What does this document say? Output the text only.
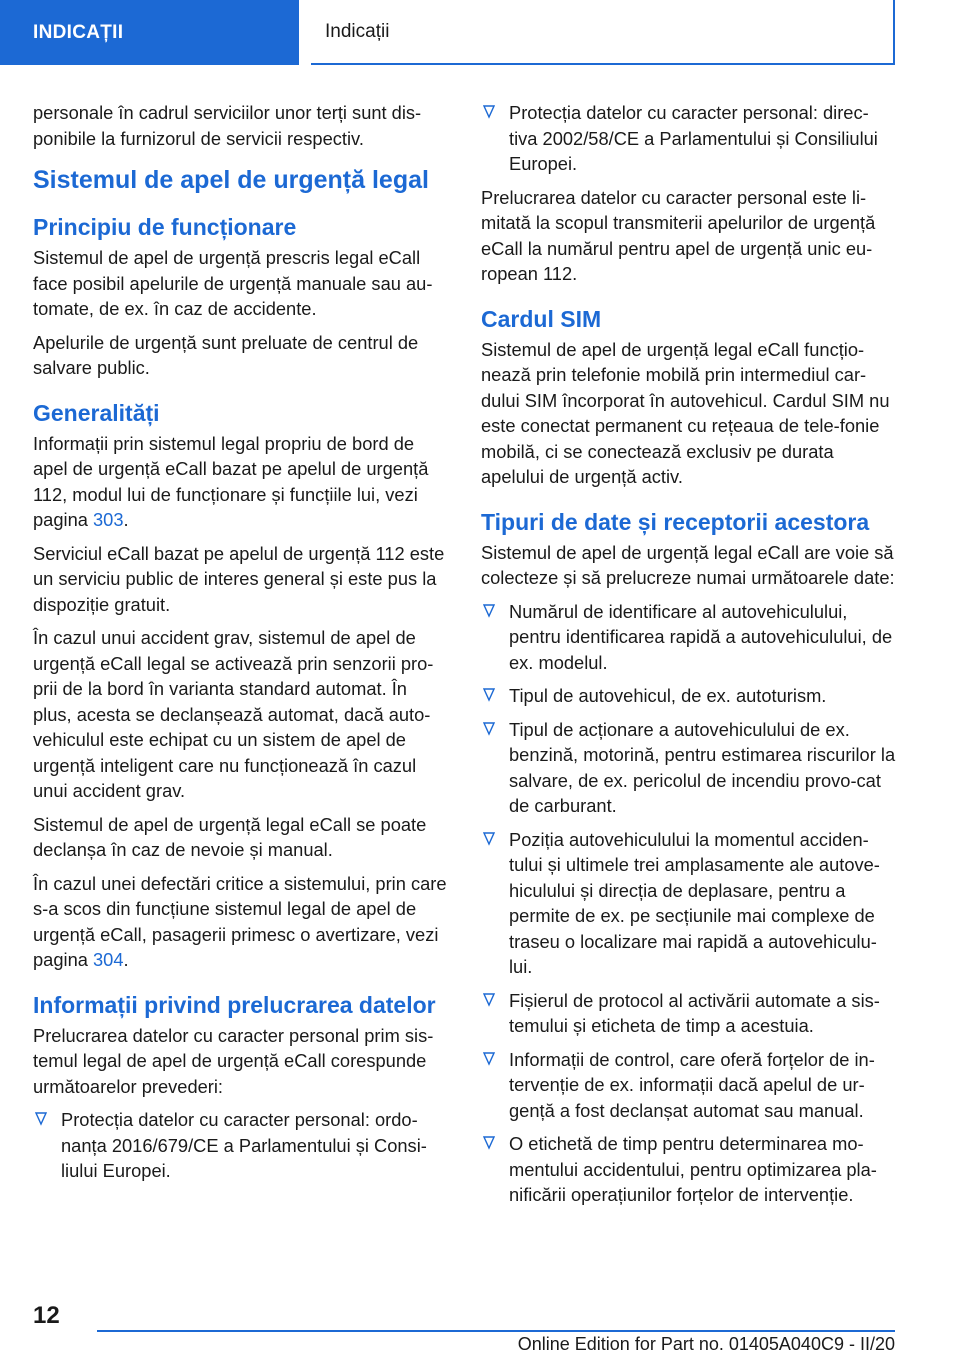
INDICAȚII	Indicații

personale în cadrul serviciilor unor terți sunt dis-ponibile la furnizorul de servicii respectiv.

Sistemul de apel de urgență legal
Principiu de funcționare

Sistemul de apel de urgență prescris legal eCall face posibil apelurile de urgență manuale sau au-tomate, de ex. în caz de accidente.

Apelurile de urgență sunt preluate de centrul de salvare public.

Generalități

Informații prin sistemul legal propriu de bord de apel de urgență eCall bazat pe apelul de urgență 112, modul lui de funcționare și funcțiile lui, vezi pagina 303.

Serviciul eCall bazat pe apelul de urgență 112 este un serviciu public de interes general și este pus la dispoziție gratuit.

În cazul unui accident grav, sistemul de apel de urgență eCall legal se activează prin senzorii pro-prii de la bord în varianta standard automat. În plus, acesta se declanșează automat, dacă auto-vehiculul este echipat cu un sistem de apel de urgență inteligent care nu funcționează în cazul unui accident grav.

Sistemul de apel de urgență legal eCall se poate declanșa în caz de nevoie și manual.

În cazul unei defectări critice a sistemului, prin care s-a scos din funcțiune sistemul legal de apel de urgență eCall, pasagerii primesc o avertizare, vezi pagina 304.

Informații privind prelucrarea datelor

Prelucrarea datelor cu caracter personal prim sis-temul legal de apel de urgență eCall corespunde următoarelor prevederi:

Protecția datelor cu caracter personal: ordo-nanța 2016/679/CE a Parlamentului și Consi-liului Europei.
Protecția datelor cu caracter personal: direc-tiva 2002/58/CE a Parlamentului și Consiliului Europei.

Prelucrarea datelor cu caracter personal este li-mitată la scopul transmiterii apelurilor de urgență eCall la numărul pentru apel de urgență unic eu-ropean 112.

Cardul SIM

Sistemul de apel de urgență legal eCall funcțio-nează prin telefonie mobilă prin intermediul car-dului SIM încorporat în autovehicul. Cardul SIM nu este conectat permanent cu rețeaua de tele-fonie mobilă, ci se conectează exclusiv pe durata apelului de urgență activ.

Tipuri de date și receptorii acestora

Sistemul de apel de urgență legal eCall are voie să colecteze și să prelucreze numai următoarele date:

Numărul de identificare al autovehiculului, pentru identificarea rapidă a autovehiculului, de ex. modelul.
Tipul de autovehicul, de ex. autoturism.
Tipul de acționare a autovehiculului de ex. benzină, motorină, pentru estimarea riscurilor la salvare, de ex. pericolul de incendiu provo-cat de carburant.
Poziția autovehiculului la momentul acciden-tului și ultimele trei amplasamente ale autove-hiculului și direcția de deplasare, pentru a permite de ex. pe secțiunile mai complexe de traseu o localizare mai rapidă a autovehiculu-lui.
Fișierul de protocol al activării automate a sis-temului și eticheta de timp a acestuia.
Informații de control, care oferă forțelor de in-tervenție de ex. informații dacă apelul de ur-gență a fost declanșat automat sau manual.
O etichetă de timp pentru determinarea mo-mentului accidentului, pentru optimizarea pla-nificării operațiunilor forțelor de intervenție.
12
Online Edition for Part no. 01405A040C9 - II/20
